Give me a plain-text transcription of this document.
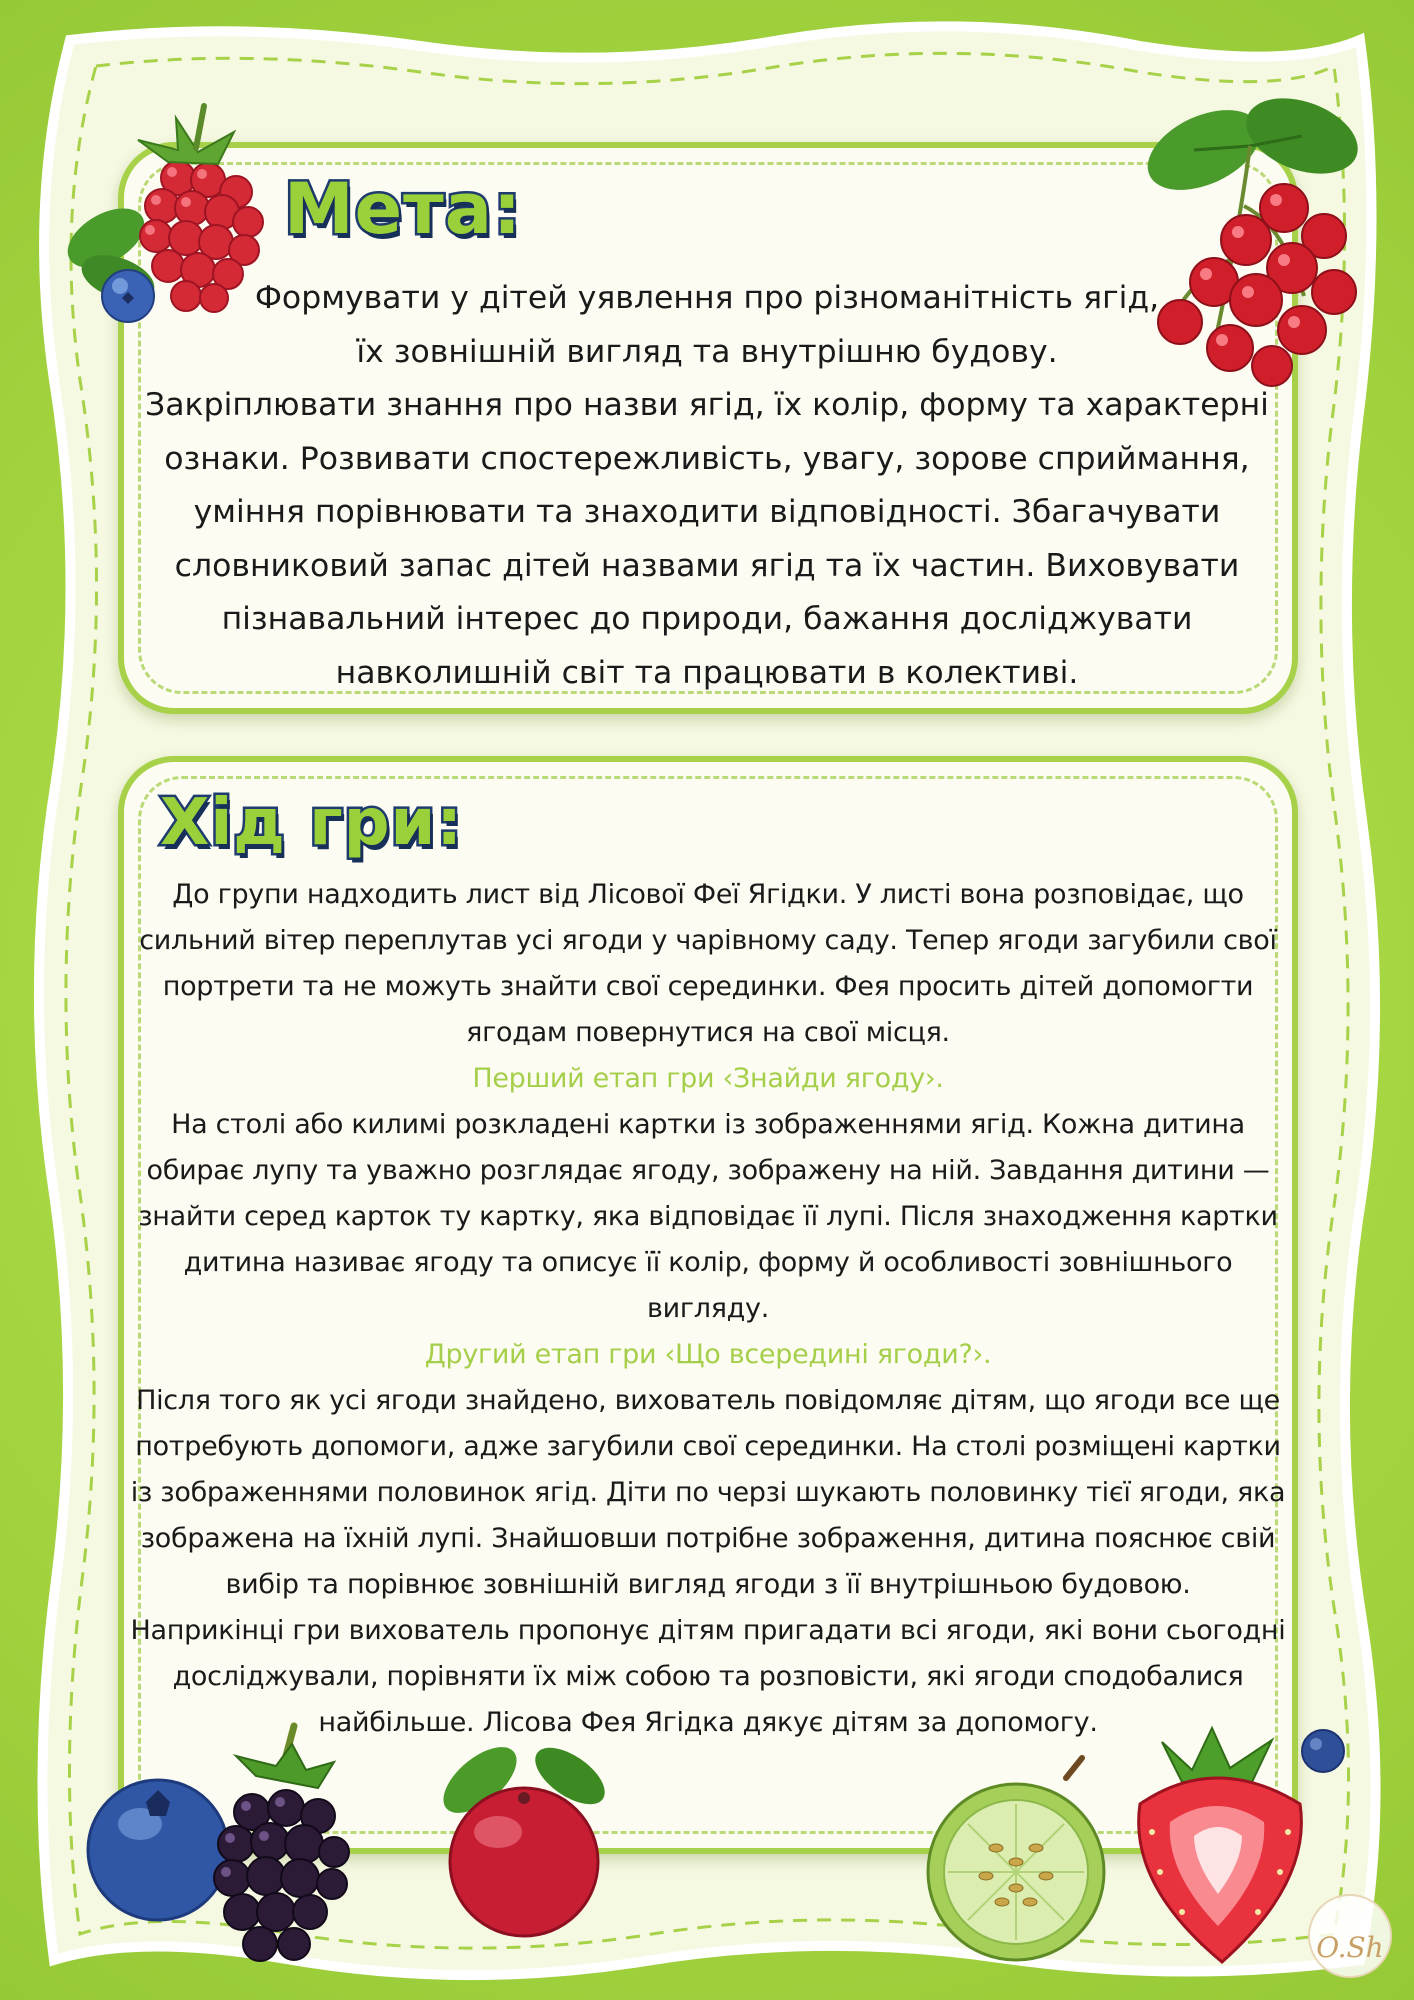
Мета:
Формувати у дітей уявлення про різноманітність ягід,
їх зовнішній вигляд та внутрішню будову.
Закріплювати знання про назви ягід, їх колір, форму та характерні
ознаки. Розвивати спостережливість, увагу, зорове сприймання,
уміння порівнювати та знаходити відповідності. Збагачувати
словниковий запас дітей назвами ягід та їх частин. Виховувати
пізнавальний інтерес до природи, бажання досліджувати
навколишній світ та працювати в колективі.
Хід гри:
До групи надходить лист від Лісової Феї Ягідки. У листі вона розповідає, що
сильний вітер переплутав усі ягоди у чарівному саду. Тепер ягоди загубили свої
портрети та не можуть знайти свої серединки. Фея просить дітей допомогти
ягодам повернутися на свої місця.
Перший етап гри ‹Знайди ягоду›.
На столі або килимі розкладені картки із зображеннями ягід. Кожна дитина
обирає лупу та уважно розглядає ягоду, зображену на ній. Завдання дитини —
знайти серед карток ту картку, яка відповідає її лупі. Після знаходження картки
дитина називає ягоду та описує її колір, форму й особливості зовнішнього
вигляду.
Другий етап гри ‹Що всередині ягоди?›.
Після того як усі ягоди знайдено, вихователь повідомляє дітям, що ягоди все ще
потребують допомоги, адже загубили свої серединки. На столі розміщені картки
із зображеннями половинок ягід. Діти по черзі шукають половинку тієї ягоди, яка
зображена на їхній лупі. Знайшовши потрібне зображення, дитина пояснює свій
вибір та порівнює зовнішній вигляд ягоди з її внутрішньою будовою.
Наприкінці гри вихователь пропонує дітям пригадати всі ягоди, які вони сьогодні
досліджували, порівняти їх між собою та розповісти, які ягоди сподобалися
найбільше. Лісова Фея Ягідка дякує дітям за допомогу.
O.Sh
